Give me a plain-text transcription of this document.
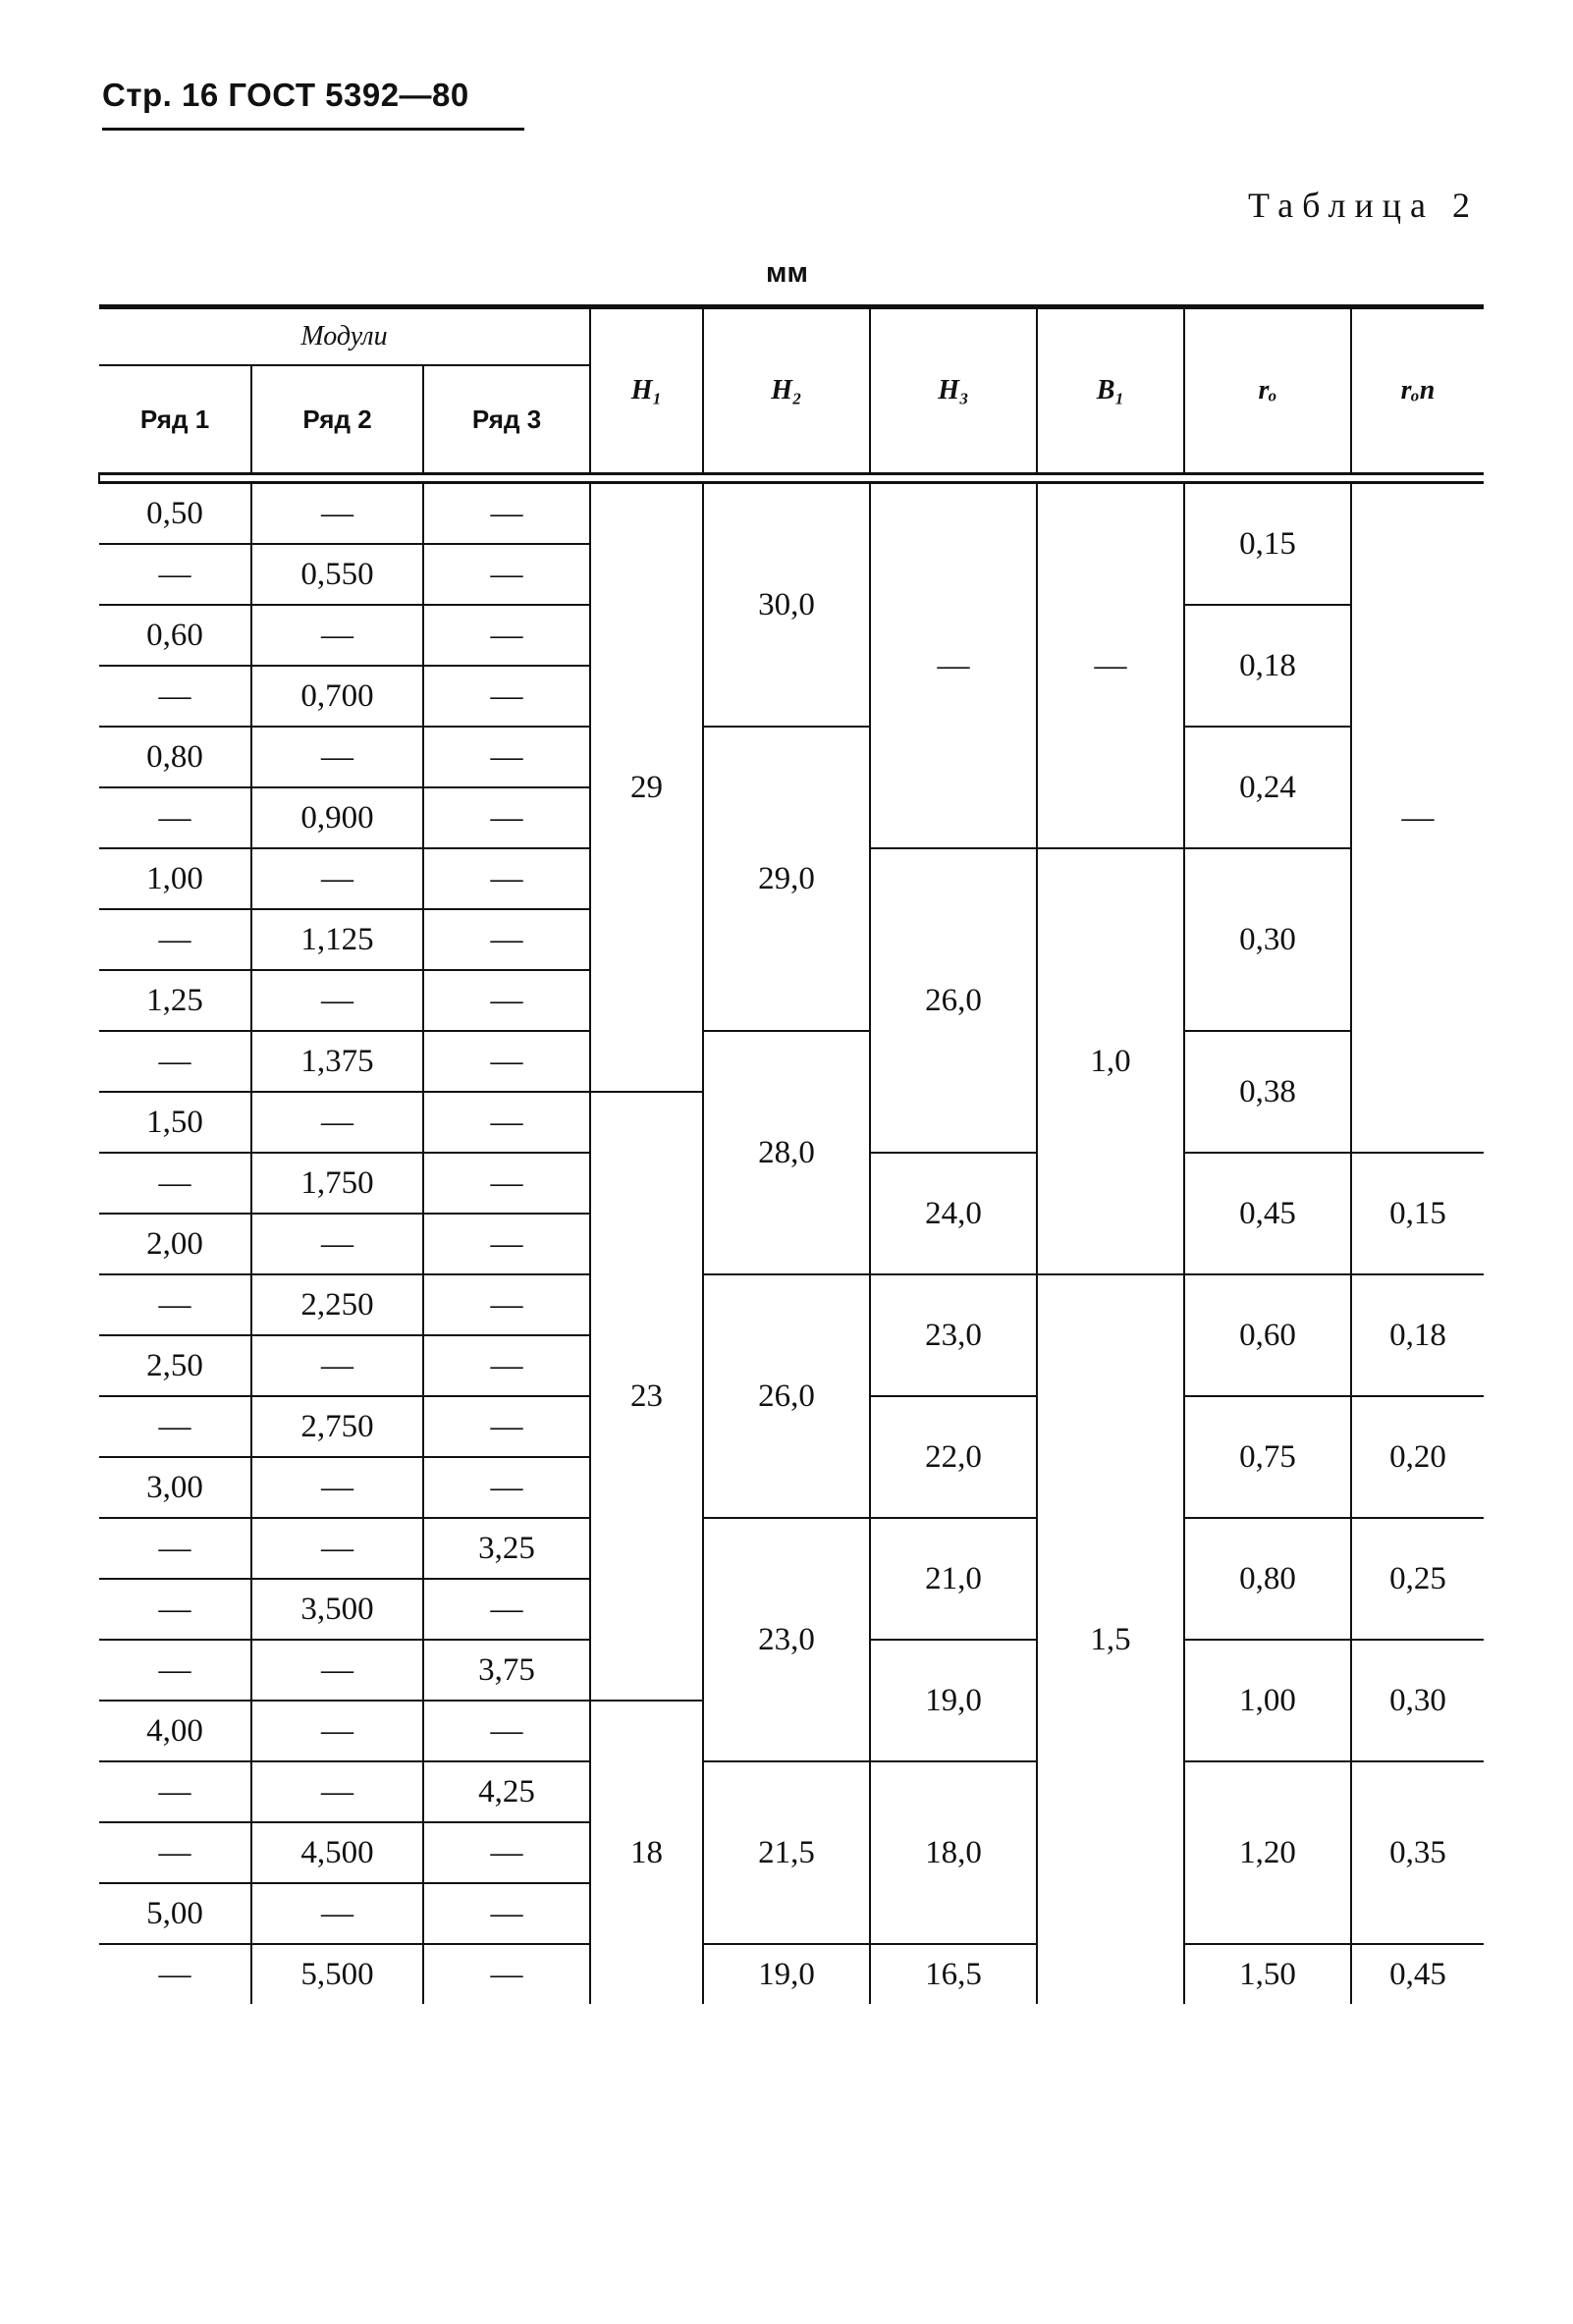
Стр. 16 ГОСТ 5392—80
Таблица 2
мм

Модули			H₁	H₂	H₃	B₁	rₒ	rₒп
Ряд 1	Ряд 2	Ряд 3						

0,50	—	—	29	30,0	—	—	0,15	—
—	0,550	—						
0,60	—	—					0,18	
—	0,700	—						
0,80	—	—		29,0			0,24	
—	0,900	—						
1,00	—	—			26,0	1,0	0,30	
—	1,125	—						
1,25	—	—						
—	1,375	—		28,0			0,38	
1,50	—	—	23					
—	1,750	—			24,0		0,45	0,15
2,00	—	—						
—	2,250	—		26,0	23,0	1,5	0,60	0,18
2,50	—	—						
—	2,750	—			22,0		0,75	0,20
3,00	—	—						
—	—	3,25		23,0	21,0		0,80	0,25
—	3,500	—						
—	—	3,75			19,0		1,00	0,30
4,00	—	—	18					
—	—	4,25		21,5	18,0		1,20	0,35
—	4,500	—						
5,00	—	—						
—	5,500	—		19,0	16,5		1,50	0,45
